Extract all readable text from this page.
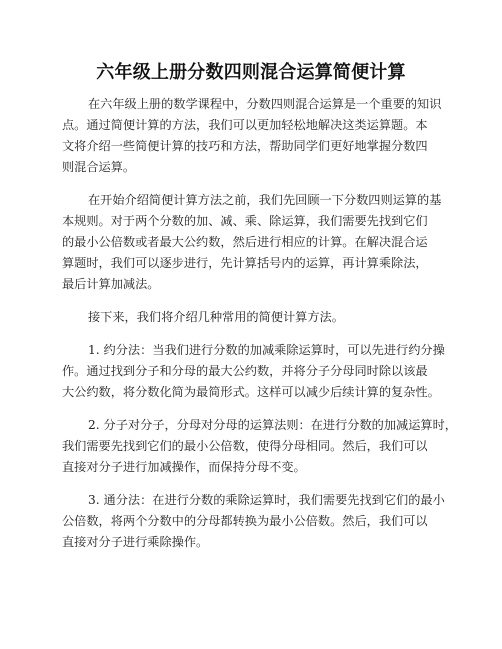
六年级上册分数四则混合运算简便计算
在六年级上册的数学课程中，分数四则混合运算是一个重要的知识
点。通过简便计算的方法，我们可以更加轻松地解决这类运算题。本
文将介绍一些简便计算的技巧和方法，帮助同学们更好地掌握分数四
则混合运算。
在开始介绍简便计算方法之前，我们先回顾一下分数四则运算的基
本规则。对于两个分数的加、减、乘、除运算，我们需要先找到它们
的最小公倍数或者最大公约数，然后进行相应的计算。在解决混合运
算题时，我们可以逐步进行，先计算括号内的运算，再计算乘除法，
最后计算加减法。
接下来，我们将介绍几种常用的简便计算方法。
1. 约分法：当我们进行分数的加减乘除运算时，可以先进行约分操
作。通过找到分子和分母的最大公约数，并将分子分母同时除以该最
大公约数，将分数化简为最简形式。这样可以减少后续计算的复杂性。
2. 分子对分子，分母对分母的运算法则：在进行分数的加减运算时，
我们需要先找到它们的最小公倍数，使得分母相同。然后，我们可以
直接对分子进行加减操作，而保持分母不变。
3. 通分法：在进行分数的乘除运算时，我们需要先找到它们的最小
公倍数，将两个分数中的分母都转换为最小公倍数。然后，我们可以
直接对分子进行乘除操作。
